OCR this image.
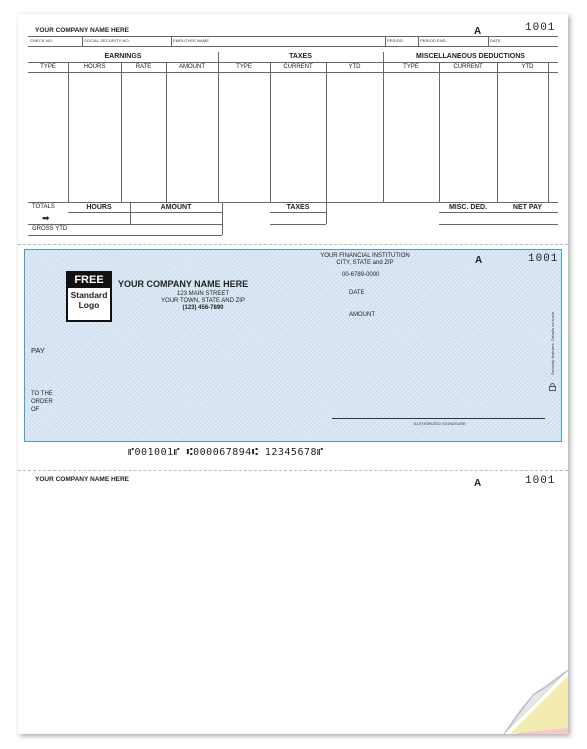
YOUR COMPANY NAME HERE	A	1001
CHECK NO.	SOCIAL SECURITY NO.	EMPLOYEE NAME	PERIOD	PERIOD END.	DATE
EARNINGS	TAXES	MISCELLANEOUS DEDUCTIONS
TYPE	HOURS	RATE	AMOUNT	TYPE	CURRENT	YTD	TYPE	CURRENT	YTD
TOTALS	HOURS	AMOUNT	TAXES	MISC. DED.	NET PAY
➡
GROSS YTD
FREE
Standard
Logo
YOUR COMPANY NAME HERE
123 MAIN STREET
YOUR TOWN, STATE AND ZIP
(123) 456-7890
YOUR FINANCIAL INSTITUTION
CITY, STATE and ZIP
00-6789-0000
A	1001
DATE
AMOUNT
PAY
TO THE
ORDER
OF
AUTHORIZED SIGNATURE
Security features. Details on back.
⑈001001⑈ ⑆000067894⑆ 12345678⑈
YOUR COMPANY NAME HERE	A	1001
